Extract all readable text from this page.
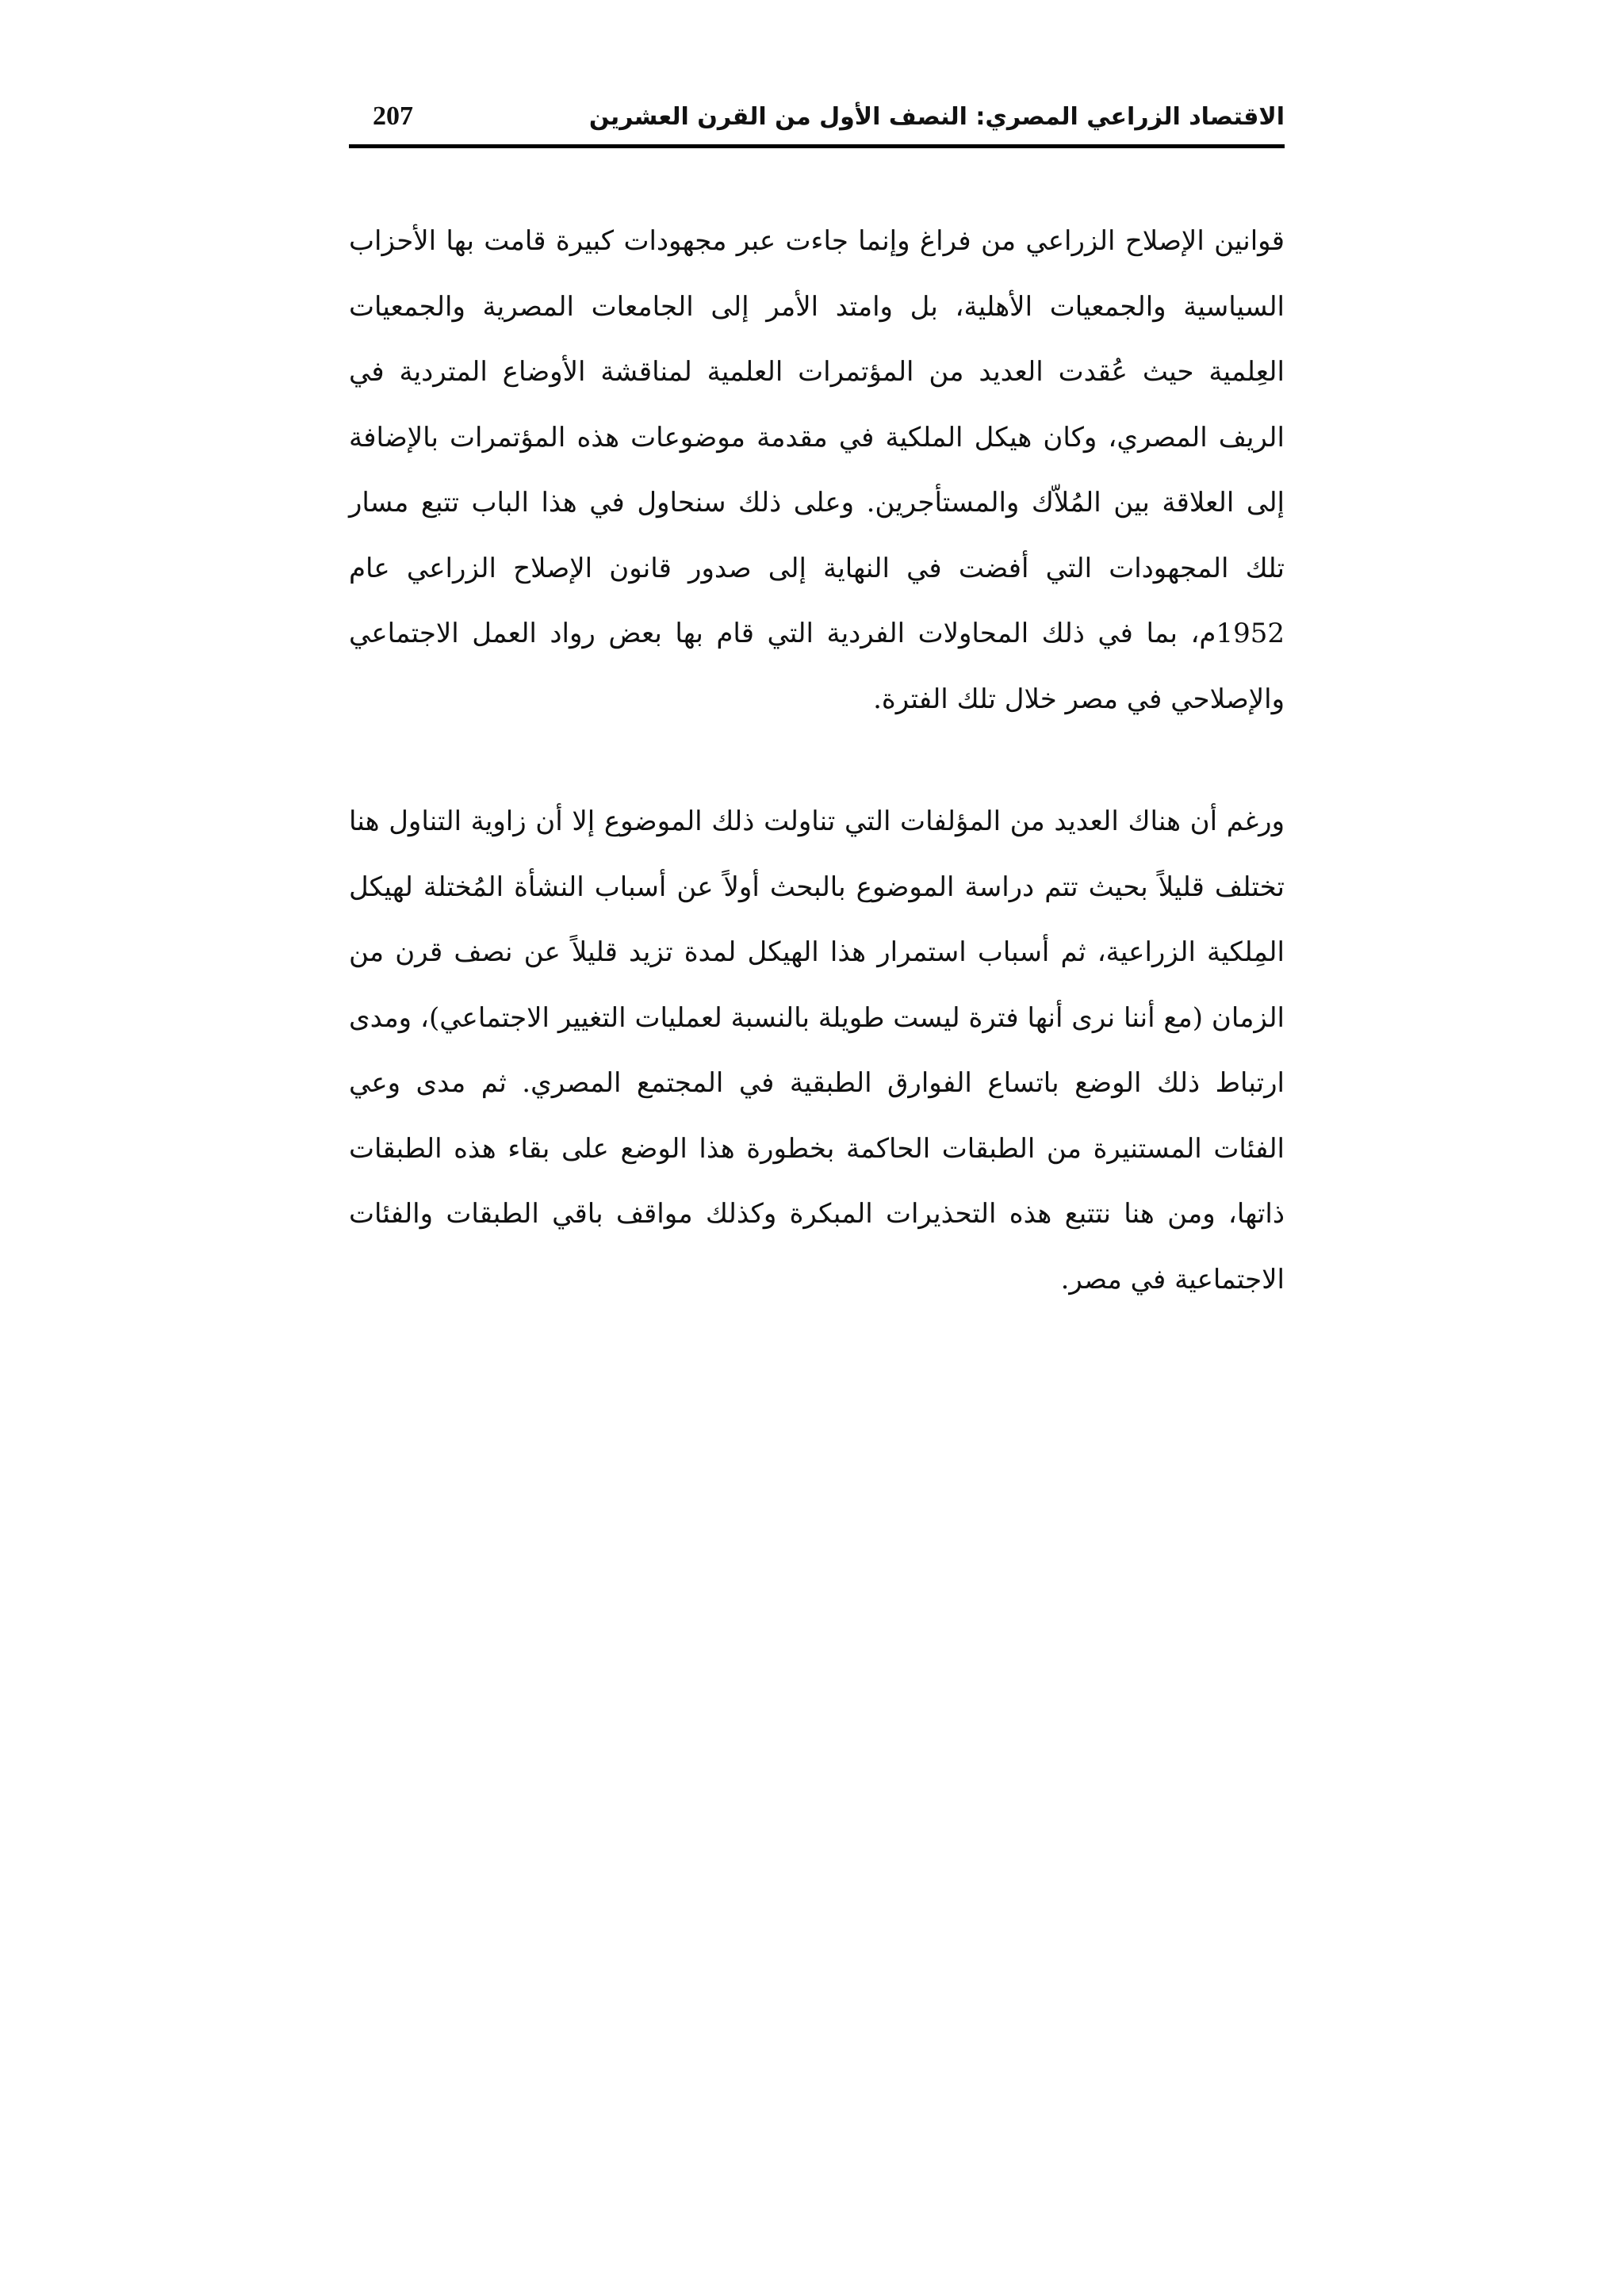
الاقتصاد الزراعي المصري: النصف الأول من القرن العشرين
207

قوانين الإصلاح الزراعي من فراغ وإنما جاءت عبر مجهودات كبيرة قامت بها الأحزاب السياسية والجمعيات الأهلية، بل وامتد الأمر إلى الجامعات المصرية والجمعيات العِلمية حيث عُقدت العديد من المؤتمرات العلمية لمناقشة الأوضاع المتردية في الريف المصري، وكان هيكل الملكية في مقدمة موضوعات هذه المؤتمرات بالإضافة إلى العلاقة بين المُلاّك والمستأجرين. وعلى ذلك سنحاول في هذا الباب تتبع مسار تلك المجهودات التي أفضت في النهاية إلى صدور قانون الإصلاح الزراعي عام 1952م، بما في ذلك المحاولات الفردية التي قام بها بعض رواد العمل الاجتماعي والإصلاحي في مصر خلال تلك الفترة.

ورغم أن هناك العديد من المؤلفات التي تناولت ذلك الموضوع إلا أن زاوية التناول هنا تختلف قليلاً بحيث تتم دراسة الموضوع بالبحث أولاً عن أسباب النشأة المُختلة لهيكل المِلكية الزراعية، ثم أسباب استمرار هذا الهيكل لمدة تزيد قليلاً عن نصف قرن من الزمان (مع أننا نرى أنها فترة ليست طويلة بالنسبة لعمليات التغيير الاجتماعي)، ومدى ارتباط ذلك الوضع باتساع الفوارق الطبقية في المجتمع المصري. ثم مدى وعي الفئات المستنيرة من الطبقات الحاكمة بخطورة هذا الوضع على بقاء هذه الطبقات ذاتها، ومن هنا نتتبع هذه التحذيرات المبكرة وكذلك مواقف باقي الطبقات والفئات الاجتماعية في مصر.
